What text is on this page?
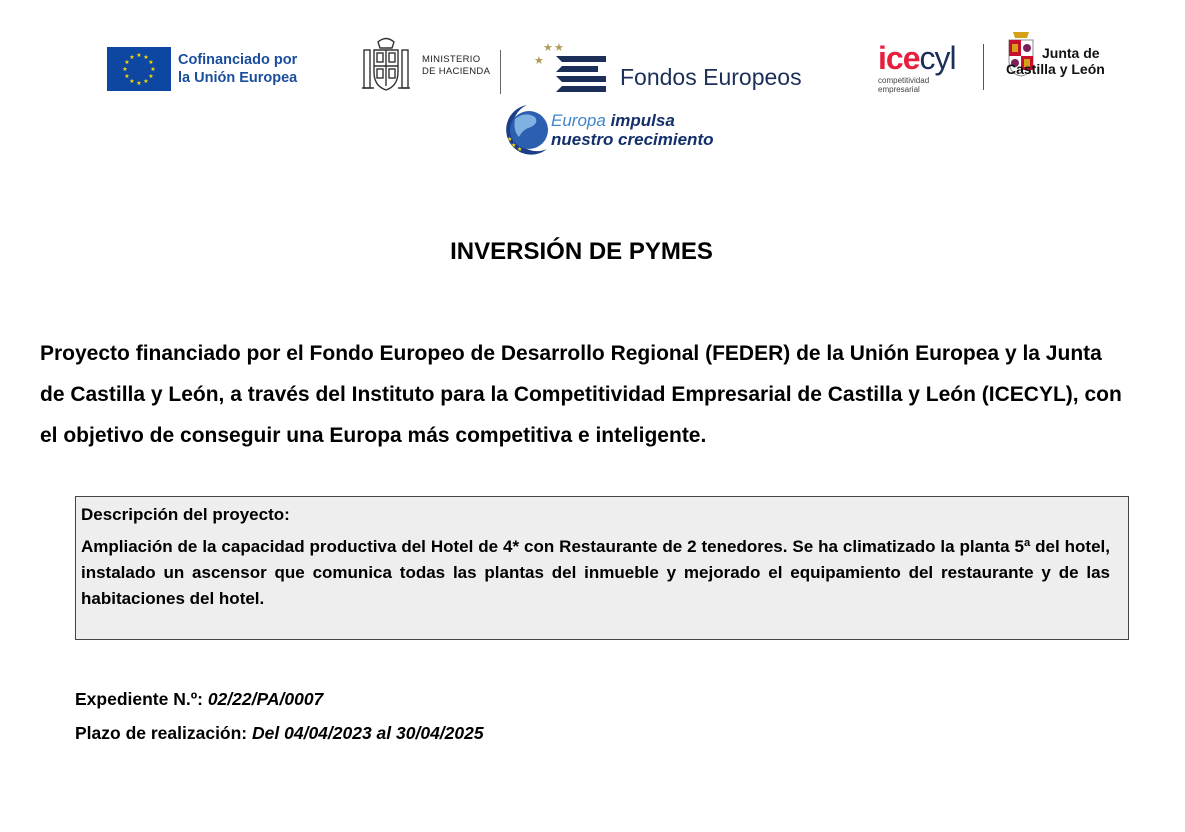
★ ★
★
★
★
★
★
★
★
★
★
★	Cofinanciado por
la Unión Europea
MINISTERIO
DE HACIENDA
★
★ ★
Fondos Europeos
★
★
★
Europa impulsa
nuestro crecimiento
icecyl
competitividad
empresarial
Junta de
Castilla y León
INVERSIÓN DE PYMES
Proyecto financiado por el Fondo Europeo de Desarrollo Regional (FEDER) de la Unión Europea y la Junta de Castilla y León, a través del Instituto para la Competitividad Empresarial de Castilla y León (ICECYL), con el objetivo de conseguir una Europa más competitiva e inteligente.
Descripción del proyecto:
Ampliación de la capacidad productiva del Hotel de 4* con Restaurante de 2 tenedores. Se ha climatizado la planta 5ª del hotel, instalado un ascensor que comunica todas las plantas del inmueble y mejorado el equipamiento del restaurante y de las habitaciones del hotel.
Expediente N.º: 02/22/PA/0007
Plazo de realización: Del 04/04/2023 al 30/04/2025
